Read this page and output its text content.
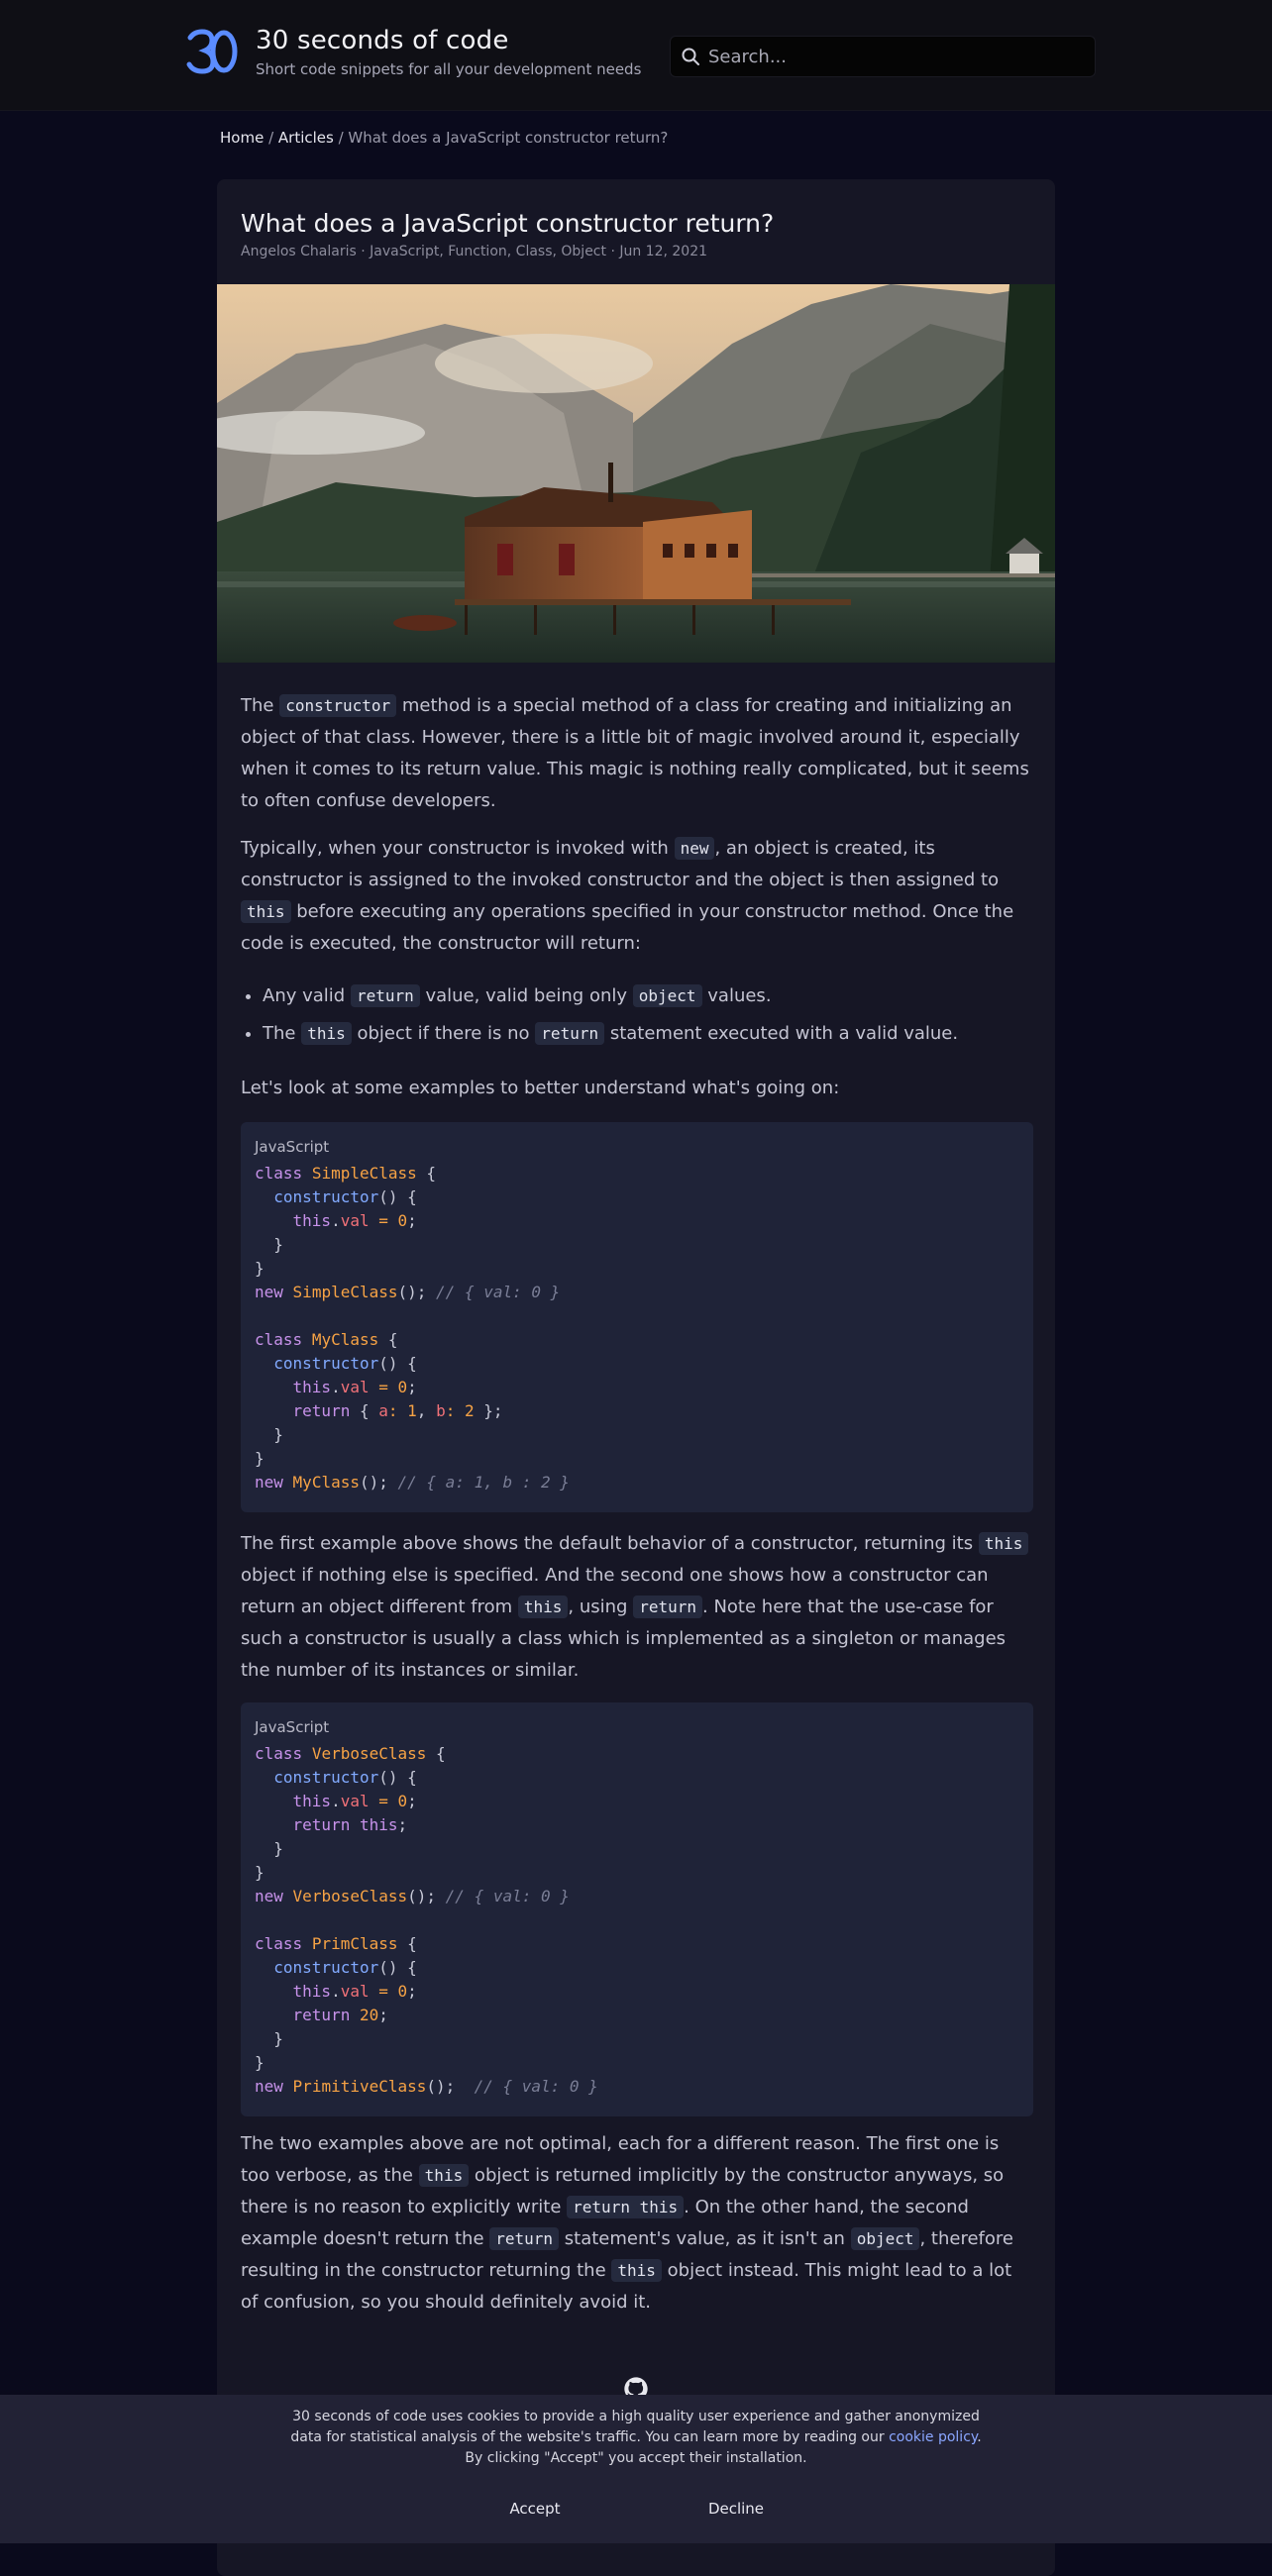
30 seconds of code
Short code snippets for all your development needs
Search...
Home / Articles / What does a JavaScript constructor return?
What does a JavaScript constructor return?
Angelos Chalaris · JavaScript, Function, Class, Object · Jun 12, 2021

The constructor method is a special method of a class for creating and initializing an object of that class. However, there is a little bit of magic involved around it, especially when it comes to its return value. This magic is nothing really complicated, but it seems to often confuse developers.

Typically, when your constructor is invoked with new , an object is created, its constructor is assigned to the invoked constructor and the object is then assigned to this before executing any operations specified in your constructor method. Once the code is executed, the constructor will return:

• Any valid return value, valid being only object values.
• The this object if there is no return statement executed with a valid value.

Let's look at some examples to better understand what's going on:

JavaScript
class SimpleClass {
constructor() {
this.val = 0;
}
}
new SimpleClass(); // { val: 0 }

class MyClass {
constructor() {
this.val = 0;
return { a: 1, b: 2 };
}
}
new MyClass(); // { a: 1, b : 2 }

The first example above shows the default behavior of a constructor, returning its this object if nothing else is specified. And the second one shows how a constructor can return an object different from this , using return . Note here that the use-case for such a constructor is usually a class which is implemented as a singleton or manages the number of its instances or similar.

JavaScript
class VerboseClass {
constructor() {
this.val = 0;
return this;
}
}
new VerboseClass(); // { val: 0 }

class PrimClass {
constructor() {
this.val = 0;
return 20;
}
}
new PrimitiveClass();  // { val: 0 }

The two examples above are not optimal, each for a different reason. The first one is too verbose, as the this object is returned implicitly by the constructor anyways, so there is no reason to explicitly write return this . On the other hand, the second example doesn't return the return statement's value, as it isn't an object , therefore resulting in the constructor returning the this object instead. This might lead to a lot of confusion, so you should definitely avoid it.

30 seconds of code uses cookies to provide a high quality user experience and gather anonymized data for statistical analysis of the website's traffic. You can learn more by reading our cookie policy.
By clicking "Accept" you accept their installation.
Accept	Decline
